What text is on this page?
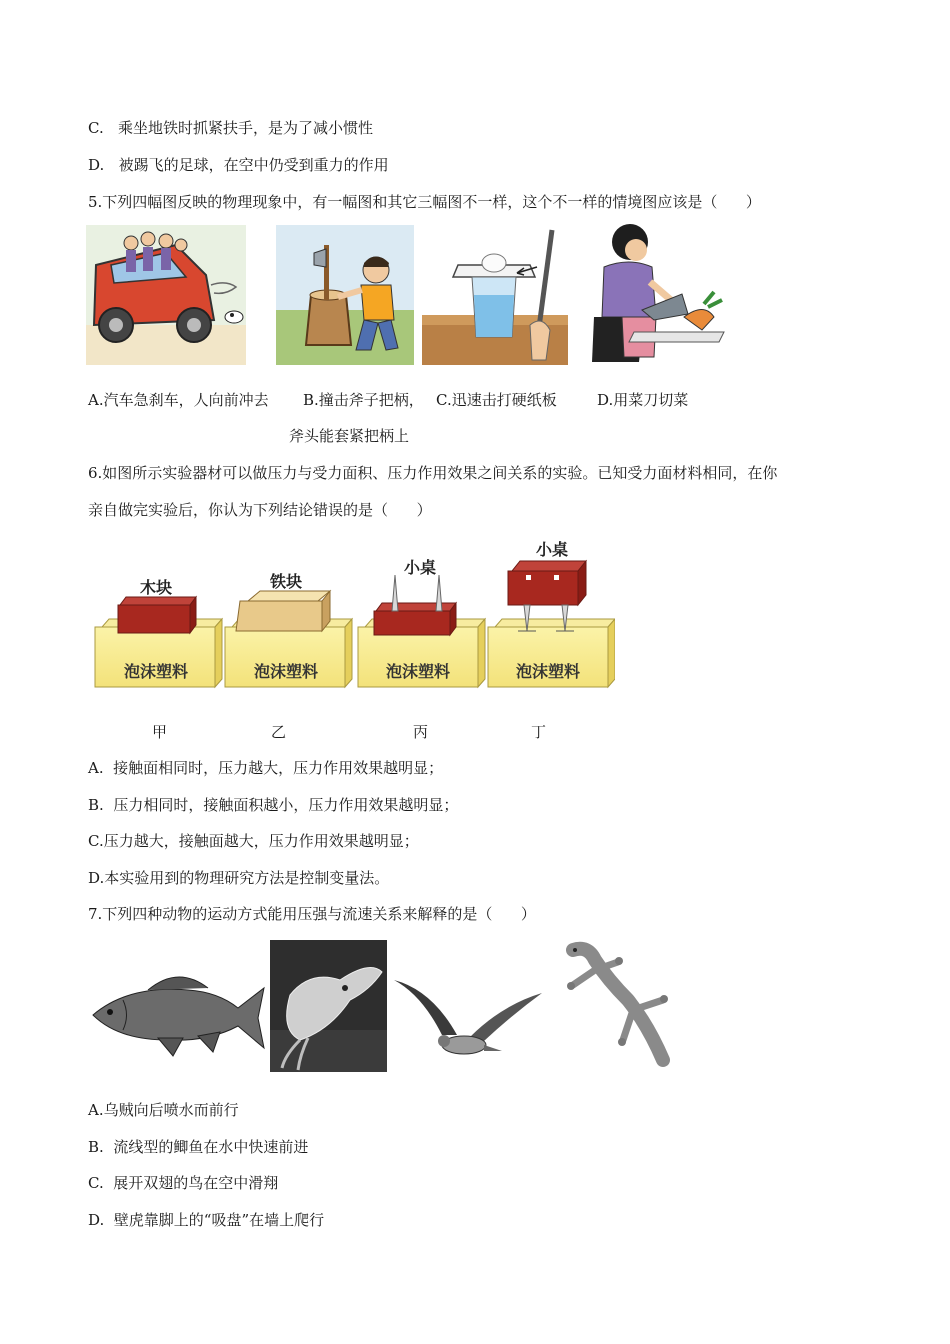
C.   乘坐地铁时抓紧扶手，是为了减小惯性
D.   被踢飞的足球，在空中仍受到重力的作用
5.下列四幅图反映的物理现象中，有一幅图和其它三幅图不一样，这个不一样的情境图应该是（      ）
A.汽车急刹车，人向前冲去 B.撞击斧子把柄， C.迅速击打硬纸板	D.用菜刀切菜
斧头能套紧把柄上
6.如图所示实验器材可以做压力与受力面积、压力作用效果之间关系的实验。已知受力面材料相同，在你
亲自做完实验后，你认为下列结论错误的是（      ）
泡沫塑料
木块
泡沫塑料
铁块
泡沫塑料
小桌
泡沫塑料
小桌
甲	乙	丙	丁
A.  接触面相同时，压力越大，压力作用效果越明显；
B.  压力相同时，接触面积越小，压力作用效果越明显；
C.压力越大，接触面越大，压力作用效果越明显；
D.本实验用到的物理研究方法是控制变量法。
7.下列四种动物的运动方式能用压强与流速关系来解释的是（      ）
A.乌贼向后喷水而前行
B.  流线型的鲫鱼在水中快速前进
C.  展开双翅的鸟在空中滑翔
D.  壁虎靠脚上的“吸盘”在墙上爬行
